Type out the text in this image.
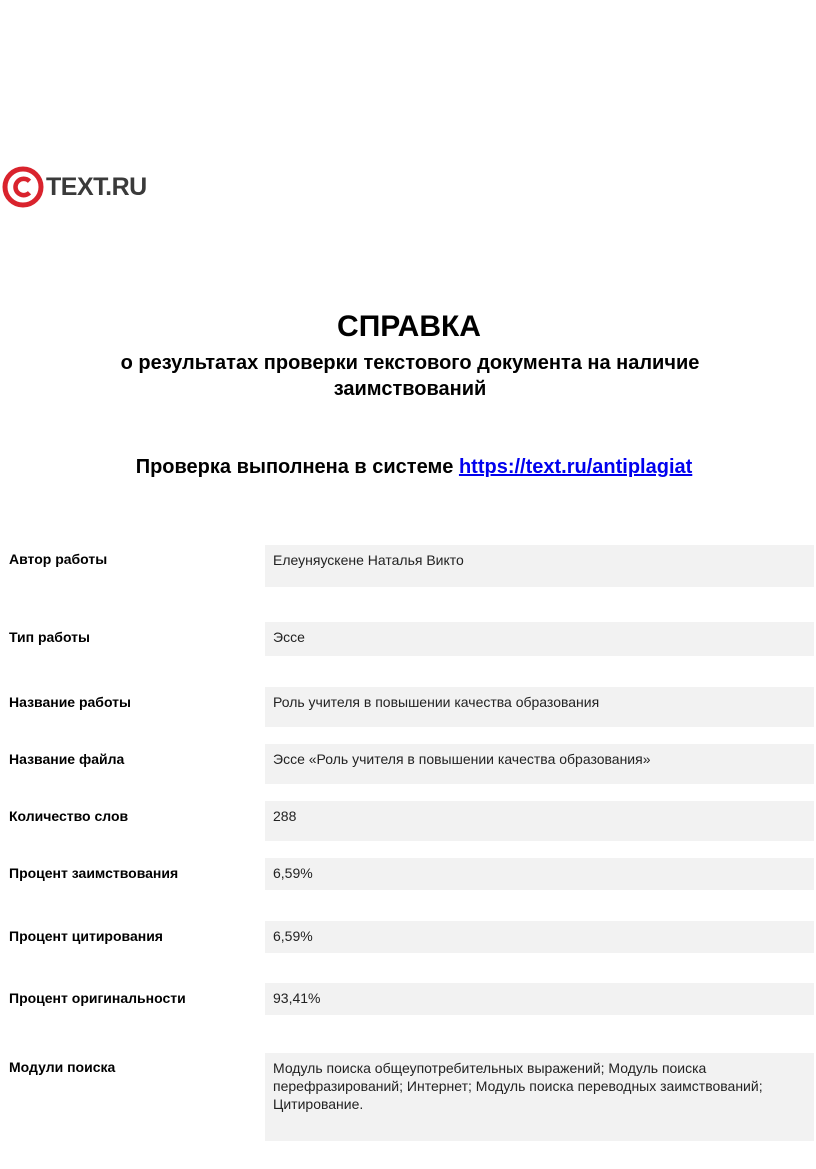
TEXT.RU
СПРАВКА
о результатах проверки текстового документа на наличие заимствований
Проверка выполнена в системе https://text.ru/antiplagiat
Автор работы	Елеуняускене Наталья Викто
Тип работы	Эссе
Название работы	Роль учителя в повышении качества образования
Название файла	Эссе «Роль учителя в повышении качества образования»
Количество слов	288
Процент заимствования	6,59%
Процент цитирования	6,59%
Процент оригинальности	93,41%
Модули поиска	Модуль поиска общеупотребительных выражений; Модуль поиска перефразирований; Интернет; Модуль поиска переводных заимствований; Цитирование.
